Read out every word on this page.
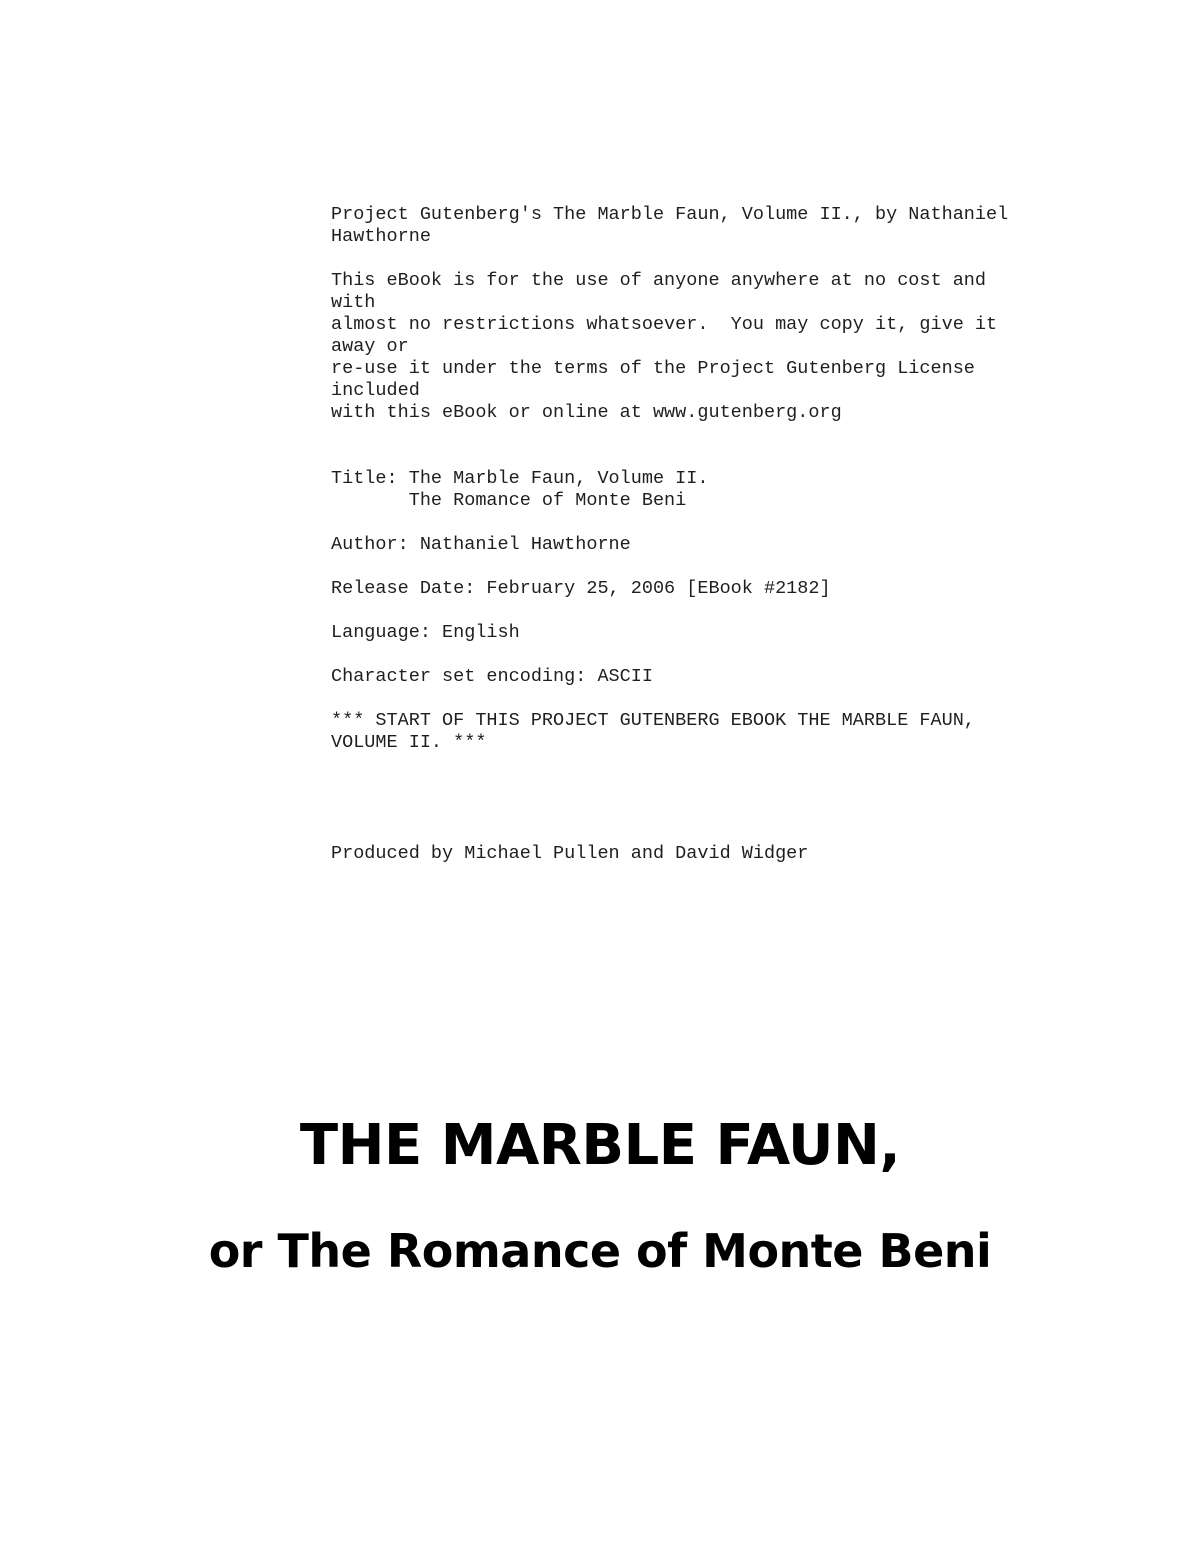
Project Gutenberg's The Marble Faun, Volume II., by Nathaniel

Hawthorne

This eBook is for the use of anyone anywhere at no cost and

with

almost no restrictions whatsoever.  You may copy it, give it

away or

re-use it under the terms of the Project Gutenberg License

included

with this eBook or online at www.gutenberg.org

Title: The Marble Faun, Volume II.

The Romance of Monte Beni

Author: Nathaniel Hawthorne

Release Date: February 25, 2006 [EBook #2182]

Language: English

Character set encoding: ASCII

*** START OF THIS PROJECT GUTENBERG EBOOK THE MARBLE FAUN,

VOLUME II. ***

Produced by Michael Pullen and David Widger

THE MARBLE FAUN,
or The Romance of Monte Beni
